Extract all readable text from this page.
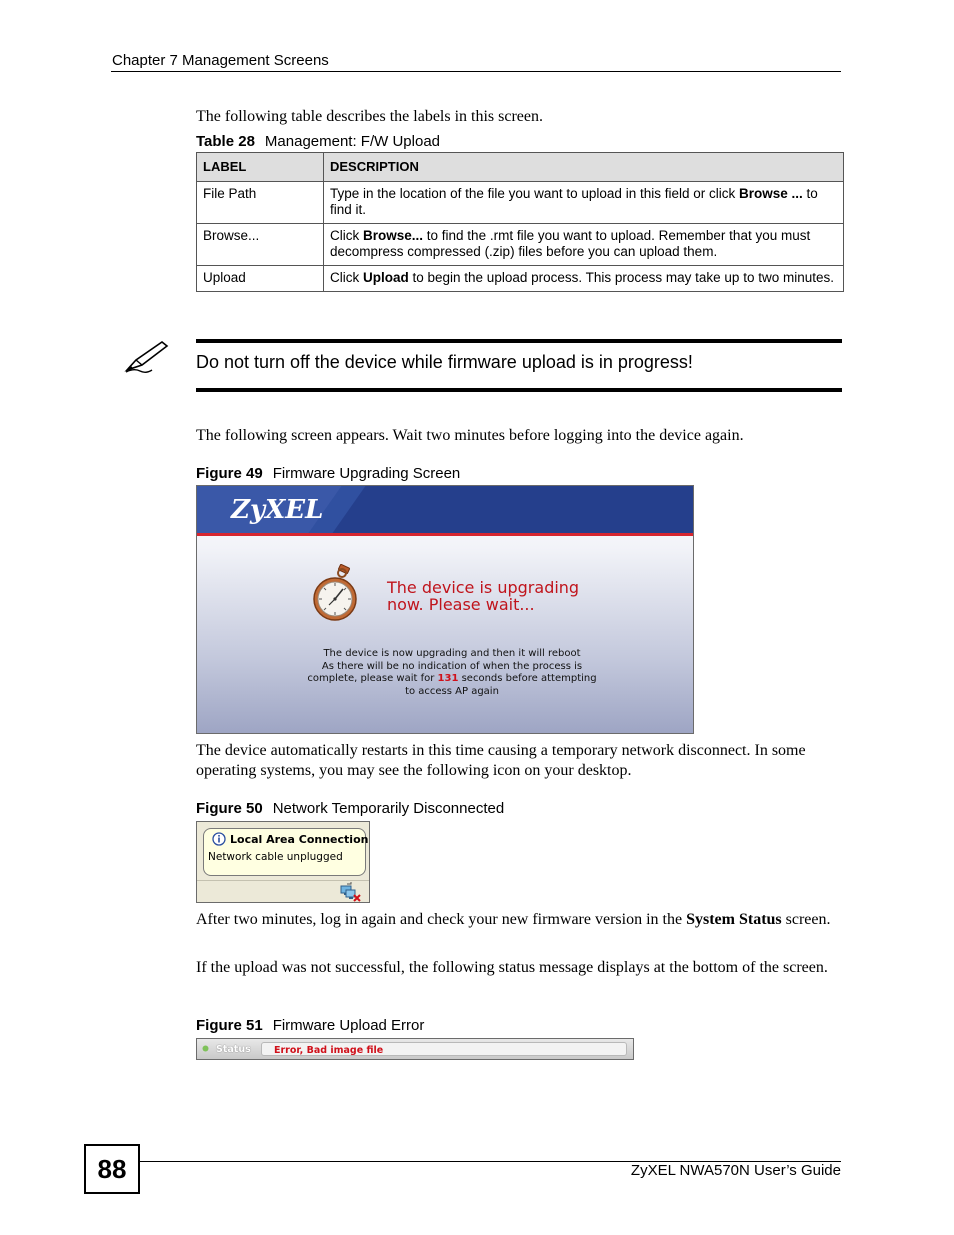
Chapter 7 Management Screens
The following table describes the labels in this screen.
Table 28 Management: F/W Upload
LABEL	DESCRIPTION
File Path	Type in the location of the file you want to upload in this field or click Browse ... to find it.
Browse...	Click Browse... to find the .rmt file you want to upload. Remember that you must decompress compressed (.zip) files before you can upload them.
Upload	Click Upload to begin the upload process. This process may take up to two minutes.
Do not turn off the device while firmware upload is in progress!
The following screen appears. Wait two minutes before logging into the device again.
Figure 49 Firmware Upgrading Screen
ZyXEL
The device is upgrading
now. Please wait...
The device is now upgrading and then it will reboot
As there will be no indication of when the process is
complete, please wait for 131 seconds before attempting
to access AP again
The device automatically restarts in this time causing a temporary network disconnect. In some operating systems, you may see the following icon on your desktop.
Figure 50 Network Temporarily Disconnected
Local Area Connection
Network cable unplugged
After two minutes, log in again and check your new firmware version in the System Status screen.
If the upload was not successful, the following status message displays at the bottom of the screen.
Figure 51 Firmware Upload Error
Status Error, Bad image file
88	ZyXEL NWA570N User’s Guide
